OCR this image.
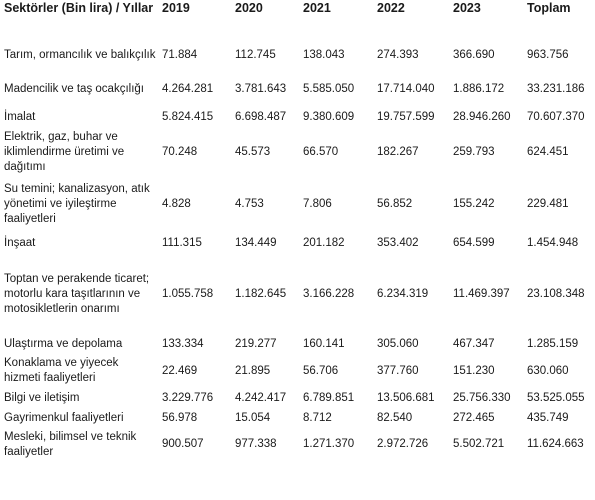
Sektörler (Bin lira) / Yıllar	2019	2020	2021	2022	2023	Toplam
Tarım, ormancılık ve balıkçılık	71.884	112.745	138.043	274.393	366.690	963.756
Madencilik ve taş ocakçılığı	4.264.281	3.781.643	5.585.050	17.714.040	1.886.172	33.231.186
İmalat	5.824.415	6.698.487	9.380.609	19.757.599	28.946.260	70.607.370
Elektrik, gaz, buhar ve iklimlendirme üretimi ve dağıtımı	70.248	45.573	66.570	182.267	259.793	624.451
Su temini; kanalizasyon, atık yönetimi ve iyileştirme faaliyetleri	4.828	4.753	7.806	56.852	155.242	229.481
İnşaat	111.315	134.449	201.182	353.402	654.599	1.454.948
Toptan ve perakende ticaret; motorlu kara taşıtlarının ve motosikletlerin onarımı	1.055.758	1.182.645	3.166.228	6.234.319	11.469.397	23.108.348
Ulaştırma ve depolama	133.334	219.277	160.141	305.060	467.347	1.285.159
Konaklama ve yiyecek hizmeti faaliyetleri	22.469	21.895	56.706	377.760	151.230	630.060
Bilgi ve iletişim	3.229.776	4.242.417	6.789.851	13.506.681	25.756.330	53.525.055
Gayrimenkul faaliyetleri	56.978	15.054	8.712	82.540	272.465	435.749
Mesleki, bilimsel ve teknik faaliyetler	900.507	977.338	1.271.370	2.972.726	5.502.721	11.624.663
